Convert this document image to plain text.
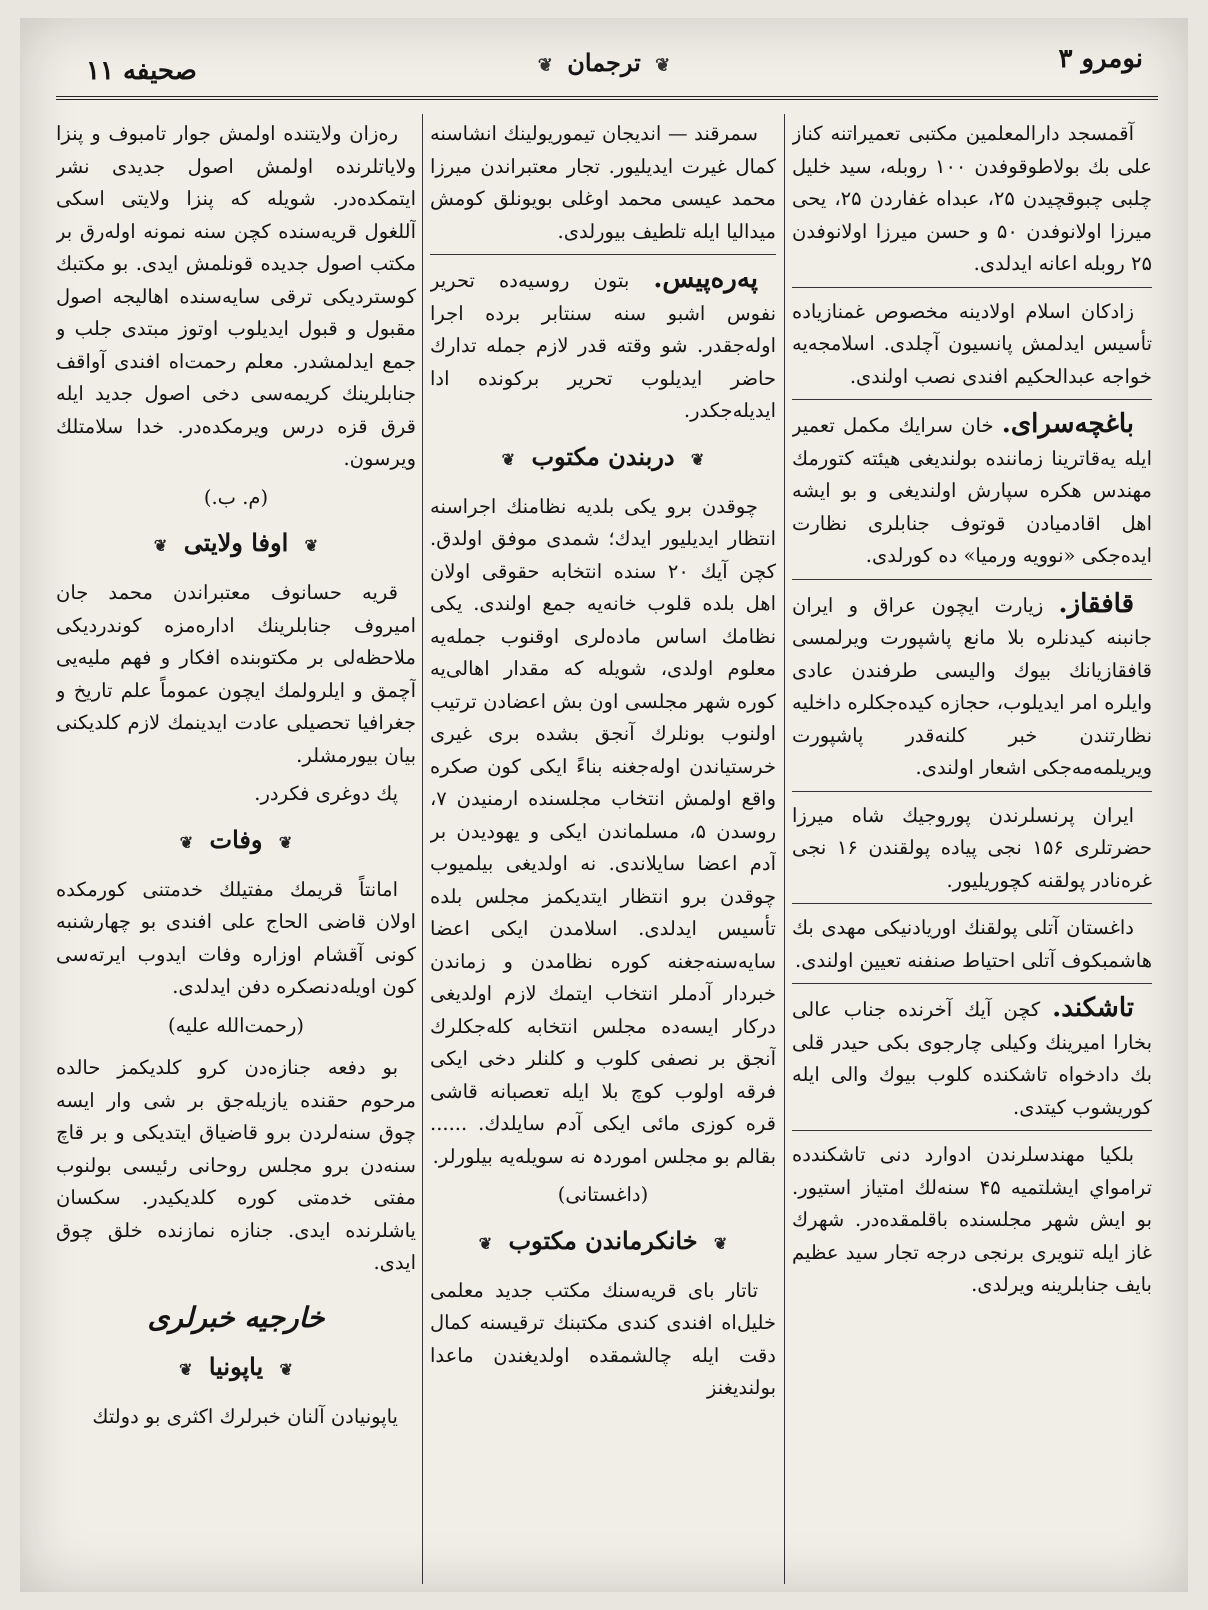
صحیفه ۱۱	❦ ترجمان ❦	نومرو ۳

آقمسجد دارالمعلمین مکتبی تعمیراتنه کناز علی بك بولاطوقوفدن ۱۰۰ روبله، سید خلیل چلبی چبوقچیدن ۲۵، عبداه غفاردن ۲۵، یحی میرزا اولانوفدن ۵۰ و حسن میرزا اولانوفدن ۲۵ روبله اعانه ایدلدی.

زادکان اسلام اولادینه مخصوص غمنازیاده تأسیس ایدلمش پانسیون آچلدی. اسلامجه‌یه خواجه عبدالحکیم افندی نصب اولندی.

باغچه‌سرای. خان سرایك مکمل تعمیر ایله یه‌قاترینا زماننده بولندیغی هیئته کتورمك مهندس هکره سپارش اولندیغی و بو ایشه اهل اقادمیادن قوتوف جنابلری نظارت ایده‌جکی «نوویه ورمیا» ده کورلدی.

قافقاز. زیارت ایچون عراق و ایران جانبنه کیدنلره بلا مانع پاشپورت ویرلمسی قافقازیانك بیوك والیسی طرفندن عادی وایلره امر ایدیلوب، حجازه کیده‌جکلره داخلیه نظارتندن خبر کلنه‌قدر پاشپورت ویریلمه‌مه‌جکی اشعار اولندی.

ایران پرنسلرندن پوروجیك شاه میرزا حضرتلری ۱۵۶ نجی پیاده پولقندن ۱۶ نجی غره‌نادر پولقنه کچوریلیور.

داغستان آتلی پولقنك اوریادنیکی مهدی بك هاشمبکوف آتلی احتیاط صنفنه تعیین اولندی.

تاشکند. کچن آیك آخرنده جناب عالی بخارا امیرینك وکیلی چارجوی بکی حیدر قلی بك دادخواه تاشکنده کلوب بیوك والی ایله کوریشوب کیتدی.

بلکیا مهندسلرندن ادوارد دنی تاشکندده ترامواي ایشلتمیه ۴۵ سنه‌لك امتیاز استیور. بو ایش شهر مجلسنده باقلمقده‌در. شهرك غاز ایله تنویری برنجی درجه تجار سید عظیم بایف جنابلرینه ویرلدی.

سمرقند — اندیجان تیموریولینك انشاسنه کمال غیرت ایدیلیور. تجار معتبراندن میرزا محمد عیسی محمد اوغلی بویونلق کومش میدالیا ایله تلطیف بیورلدی.

پەرەپیس. بتون روسیه‌ده تحریر نفوس اشبو سنه سنتابر برده اجرا اوله‌جقدر. شو وقته قدر لازم جمله تدارك حاضر ایدیلوب تحریر برکونده ادا ایدیله‌جکدر.

❦ دربندن مکتوب ❦

چوقدن برو یکی بلدیه نظامنك اجراسنه انتظار ایدیلیور ایدك؛ شمدی موفق اولدق. کچن آیك ۲۰ سنده انتخابه حقوقی اولان اهل بلده قلوب خانه‌یه جمع اولندی. یکی نظامك اساس ماده‌لری اوقنوب جمله‌یه معلوم اولدی، شویله که مقدار اهالی‌یه کوره شهر مجلسی اون بش اعضادن ترتیب اولنوب بونلرك آنجق بشده بری غیری خرستیاندن اوله‌جغنه بناءً ایکی کون صکره واقع اولمش انتخاب مجلسنده ارمنیدن ۷، روسدن ۵، مسلماندن ایکی و یهودیدن بر آدم اعضا سایلاندی. نه اولدیغی بیلمیوب چوقدن برو انتظار ایتدیکمز مجلس بلده تأسیس ایدلدی. اسلامدن ایکی اعضا سایه‌سنه‌جغنه کوره نظامدن و زماندن خبردار آدملر انتخاب ایتمك لازم اولدیغی درکار ایسه‌ده مجلس انتخابه کله‌جکلرك آنجق بر نصفی کلوب و کلنلر دخی ایکی فرقه اولوب کوچ بلا ایله تعصبانه قاشی قره کوزی مائی ایکی آدم سایلدك. ...... بقالم بو مجلس اموردہ نه سویله‌یه بیلورلر.

(داغستانی)

❦ خانکرماندن مکتوب ❦

تاتار بای قریه‌سنك مکتب جدید معلمی خلیل‌اه افندی کندی مکتبنك ترقیسنه کمال دقت ایله چالشمقده اولدیغندن ماعدا بولندیغنز

ره‌زان ولایتنده اولمش جوار تامبوف و پنزا ولایاتلرنده اولمش اصول جدیدی نشر ایتمکده‌در. شویله که پنزا ولایتی اسکی آللغول قریه‌سنده کچن سنه نمونه اوله‌رق بر مکتب اصول جدیده قونلمش ایدی. بو مکتبك کوستردیکی ترقی سایه‌سنده اهالیجه اصول مقبول و قبول ایدیلوب اوتوز مبتدی جلب و جمع ایدلمشدر. معلم رحمت‌اه افندی آواقف جنابلرینك کریمه‌سی دخی اصول جدید ایله قرق قزه درس ویرمکده‌در. خدا سلامتلك ویرسون.

(م. ب.)

❦ اوفا ولایتی ❦

قریه حسانوف معتبراندن محمد جان امیروف جنابلرینك اداره‌مزه کوندردیکی ملاحظه‌لی بر مکتوبنده افکار و فهم ملیه‌یی آچمق و ایلرولمك ایچون عموماً علم تاریخ و جغرافیا تحصیلی عادت ایدینمك لازم کلدیکنی بیان بیورمشلر.

پك دوغری فکردر.

❦ وفات ❦

امانتاً قریمك مفتیلك خدمتنی کورمکده اولان قاضی الحاج علی افندی بو چهارشنبه کونی آقشام اوزاره وفات ایدوب ایرته‌سی کون اویله‌دنصکره دفن ایدلدی.

(رحمت‌الله علیه)

بو دفعه جنازه‌دن کرو کلدیکمز حالده مرحوم حقنده یازیله‌جق بر شی وار ایسه چوق سنه‌لردن برو قاضیاق ایتدیکی و بر قاچ سنه‌دن برو مجلس روحانی رئیسی بولنوب مفتی خدمتی کوره کلدیکیدر. سکسان یاشلرنده ایدی. جنازه نمازنده خلق چوق ایدی.

خارجیه خبرلری
❦ یاپونیا ❦

یاپونیادن آلنان خبرلرك اکثری بو دولتك
